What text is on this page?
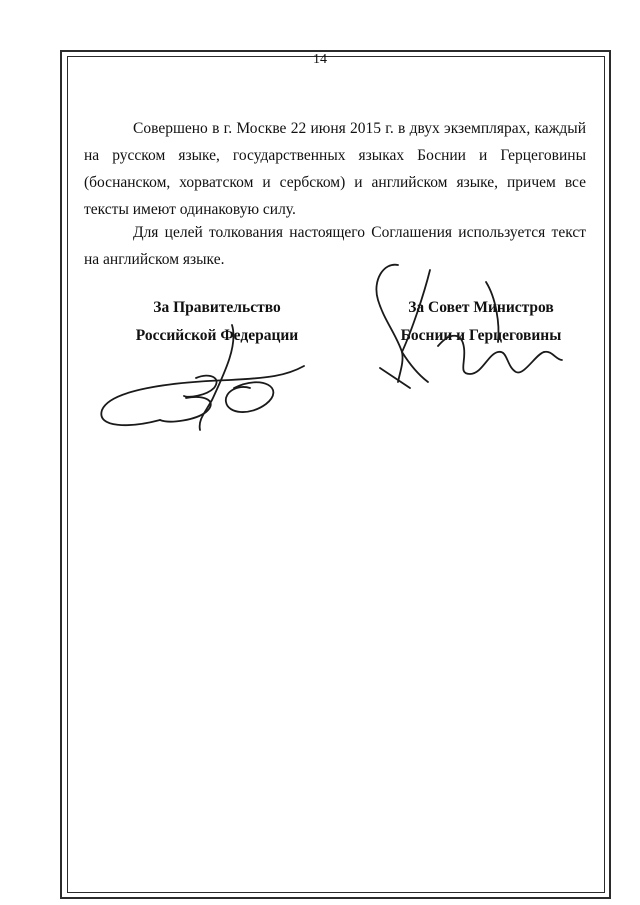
14

Совершено в г. Москве 22 июня 2015 г. в двух экземплярах, каждый на русском языке, государственных языках Боснии и Герцеговины (боснанском, хорватском и сербском) и английском языке, причем все тексты имеют одинаковую силу.

Для целей толкования настоящего Соглашения используется текст на английском языке.

За Правительство
Российской Федерации
За Совет Министров
Боснии и Герцеговины
